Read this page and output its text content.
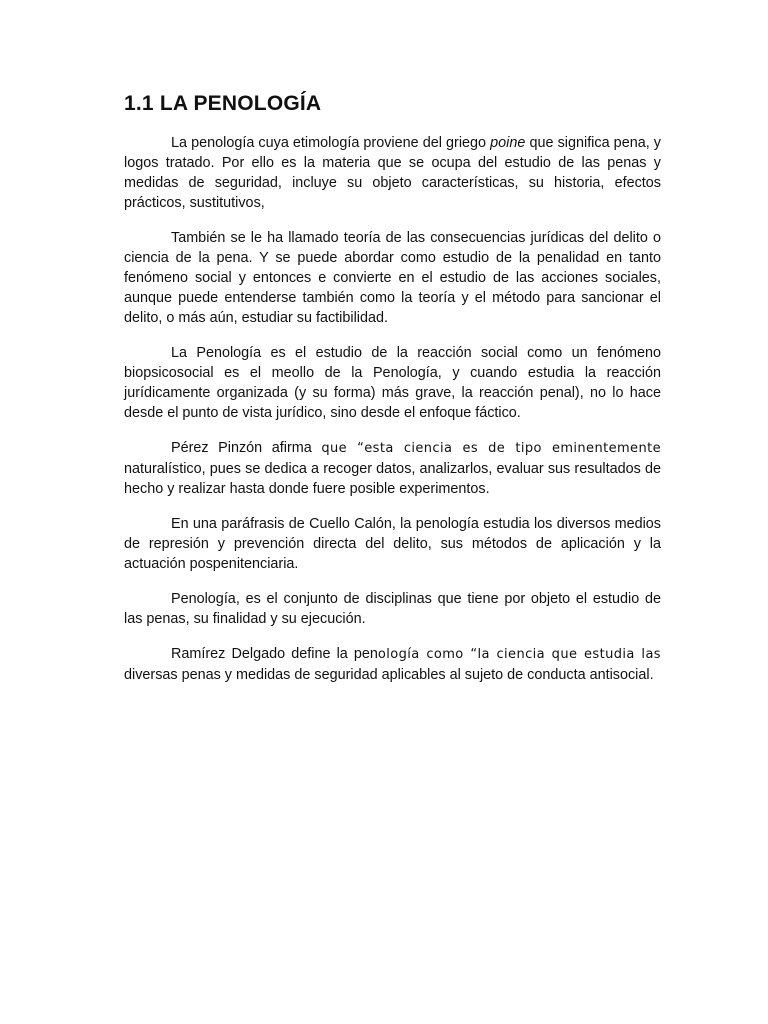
1.1 LA PENOLOGÍA

La penología cuya etimología proviene del griego poine que significa pena, y logos tratado. Por ello es la materia que se ocupa del estudio de las penas y medidas de seguridad, incluye su objeto características, su historia, efectos prácticos, sustitutivos,

También se le ha llamado teoría de las consecuencias jurídicas del delito o ciencia de la pena. Y se puede abordar como estudio de la penalidad en tanto fenómeno social y entonces e convierte en el estudio de las acciones sociales, aunque puede entenderse también como la teoría y el método para sancionar el delito, o más aún, estudiar su factibilidad.

La Penología es el estudio de la reacción social como un fenómeno biopsicosocial es el meollo de la Penología, y cuando estudia la reacción jurídicamente organizada (y su forma) más grave, la reacción penal), no lo hace desde el punto de vista jurídico, sino desde el enfoque fáctico.

Pérez Pinzón afirma que “esta ciencia es de tipo eminentemente naturalístico, pues se dedica a recoger datos, analizarlos, evaluar sus resultados de hecho y realizar hasta donde fuere posible experimentos.

En una paráfrasis de Cuello Calón, la penología estudia los diversos medios de represión y prevención directa del delito, sus métodos de aplicación y la actuación pospenitenciaria.

Penología, es el conjunto de disciplinas que tiene por objeto el estudio de las penas, su finalidad y su ejecución.

Ramírez Delgado define la penología como “la ciencia que estudia las diversas penas y medidas de seguridad aplicables al sujeto de conducta antisocial.
